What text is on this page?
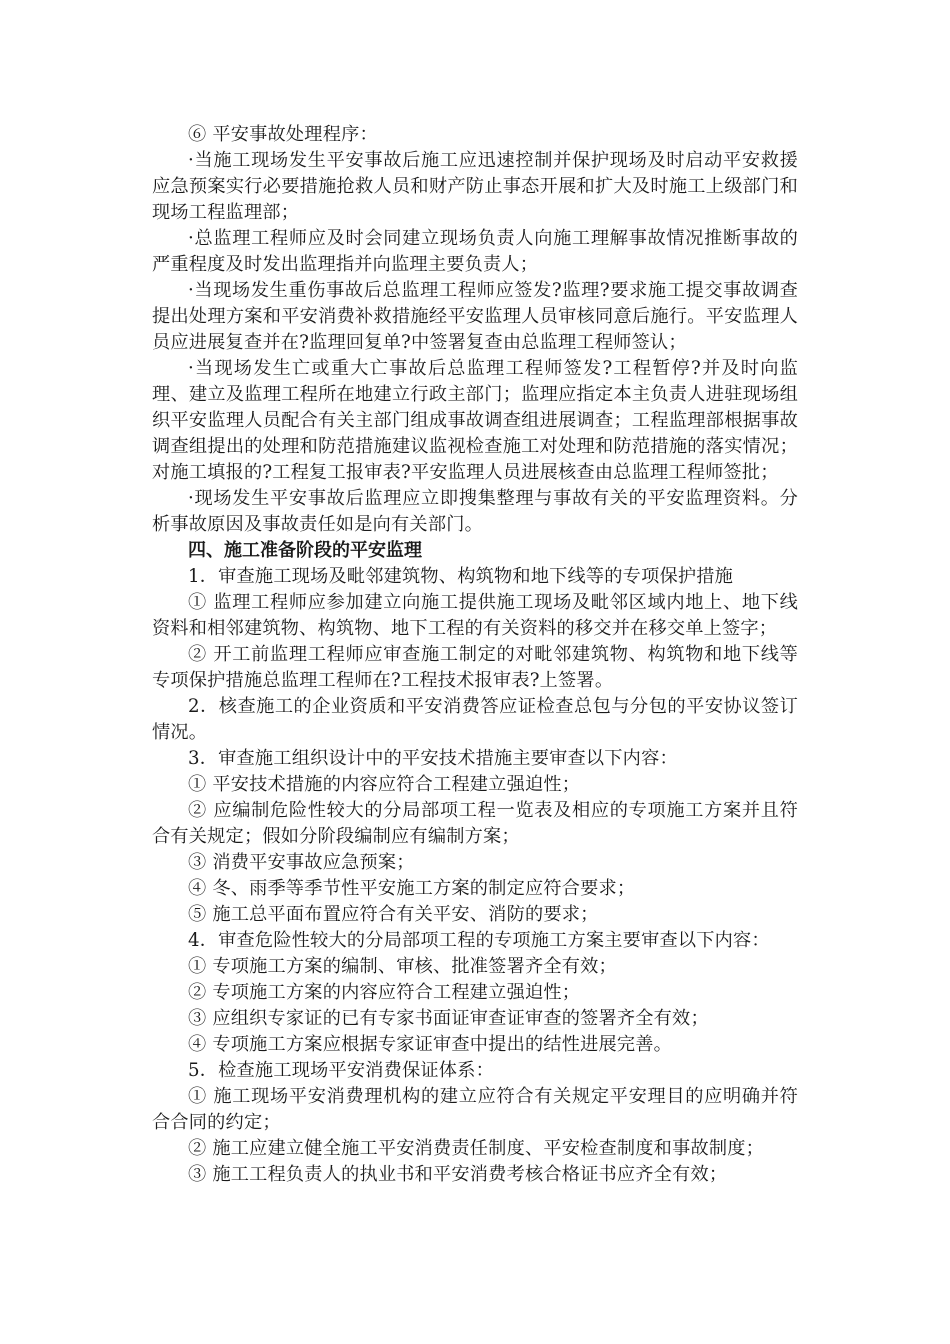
⑥ 平安事故处理程序：

·当施工现场发生平安事故后施工应迅速控制并保护现场及时启动平安救援应急预案实行必要措施抢救人员和财产防止事态开展和扩大及时施工上级部门和现场工程监理部；

·总监理工程师应及时会同建立现场负责人向施工理解事故情况推断事故的严重程度及时发出监理指并向监理主要负责人；

·当现场发生重伤事故后总监理工程师应签发?监理?要求施工提交事故调查提出处理方案和平安消费补救措施经平安监理人员审核同意后施行。平安监理人员应进展复查并在?监理回复单?中签署复查由总监理工程师签认；

·当现场发生亡或重大亡事故后总监理工程师签发?工程暂停?并及时向监理、建立及监理工程所在地建立行政主部门；监理应指定本主负责人进驻现场组织平安监理人员配合有关主部门组成事故调查组进展调查；工程监理部根据事故调查组提出的处理和防范措施建议监视检查施工对处理和防范措施的落实情况；对施工填报的?工程复工报审表?平安监理人员进展核查由总监理工程师签批；

·现场发生平安事故后监理应立即搜集整理与事故有关的平安监理资料。分析事故原因及事故责任如是向有关部门。

四、施工准备阶段的平安监理

1．审查施工现场及毗邻建筑物、构筑物和地下线等的专项保护措施

① 监理工程师应参加建立向施工提供施工现场及毗邻区域内地上、地下线资料和相邻建筑物、构筑物、地下工程的有关资料的移交并在移交单上签字；

② 开工前监理工程师应审查施工制定的对毗邻建筑物、构筑物和地下线等专项保护措施总监理工程师在?工程技术报审表?上签署。

2．核查施工的企业资质和平安消费答应证检查总包与分包的平安协议签订情况。

3．审查施工组织设计中的平安技术措施主要审查以下内容：

① 平安技术措施的内容应符合工程建立强迫性；

② 应编制危险性较大的分局部项工程一览表及相应的专项施工方案并且符合有关规定；假如分阶段编制应有编制方案；

③ 消费平安事故应急预案；

④ 冬、雨季等季节性平安施工方案的制定应符合要求；

⑤ 施工总平面布置应符合有关平安、消防的要求；

4．审查危险性较大的分局部项工程的专项施工方案主要审查以下内容：

① 专项施工方案的编制、审核、批准签署齐全有效；

② 专项施工方案的内容应符合工程建立强迫性；

③ 应组织专家证的已有专家书面证审查证审查的签署齐全有效；

④ 专项施工方案应根据专家证审查中提出的结性进展完善。

5．检查施工现场平安消费保证体系：

① 施工现场平安消费理机构的建立应符合有关规定平安理目的应明确并符合合同的约定；

② 施工应建立健全施工平安消费责任制度、平安检查制度和事故制度；

③ 施工工程负责人的执业书和平安消费考核合格证书应齐全有效；
